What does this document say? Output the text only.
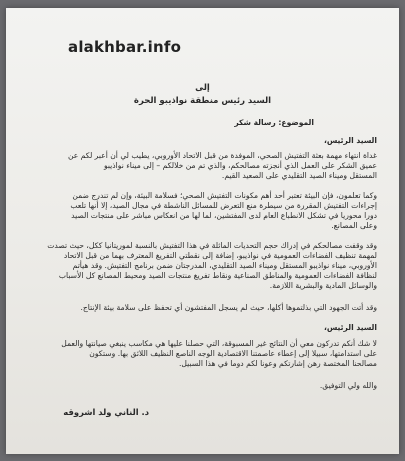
alakhbar.info
إلى
السيد رئيس منطقة نواذيبو الحرة
الموضوع: رسالة شكر
السيد الرئيس،
غداة انتهاء مهمة بعثة التفتيش الصحي، الموفدة من قبل الاتحاد الأوروبي، يطيب لي أن أعبر لكم عن
عميق الشكر على العمل الذي أنجزته مصالحكم، والذي تم من خلالكم – إلى ميناء نواذيبو
المستقل وميناء الصيد التقليدي على الصعيد القيم.
وكما تعلمون، فإن البيئة تعتبر أحد أهم مكونات التفتيش الصحي؛ فسلامة البيئة، وإن لم تندرج ضمن
إجراءات التفتيش المقررة من سيطرة منع التعرض للمسائل الناشطة في مجال الصيد، إلا أنها تلعب
دورا محوريا في تشكل الانطباع العام لدى المفتشين، لما لها من انعكاس مباشر على منتجات الصيد
وعلى المصانع.
وقد وقفت مصالحكم في إدراك حجم التحديات الماثلة في هذا التفتيش بالنسبة لموريتانيا ككل، حيث تصدت
لمهمة تنظيف الفضاءات العمومية في نواذيبو، إضافة إلى نقطتي التفريغ المعترف بهما من قبل الاتحاد
الأوروبي، ميناء نواذيبو المستقل وميناء الصيد التقليدي، المدرجتان ضمن برنامج التفتيش. وقد هيأتم
لنظافة الفضاءات العمومية والمناطق الصناعية ونقاط تفريغ منتجات الصيد ومحيط المصانع كل الأسباب
والوسائل المادية والبشرية اللازمة.
وقد أتت الجهود التي بذلتموها أكلها، حيث لم يسجل المفتشون أي تحفظ على سلامة بيئة الإنتاج.
السيد الرئيس،
لا شك أنكم تدركون معي أن النتائج غير المسبوقة، التي حصلنا عليها هي مكاسب ينبغي صيانتها والعمل
على استدامتها، سبيلا إلى إعطاء عاصمتنا الاقتصادية الوجه الناصع النظيف اللائق بها. وستكون
مصالحنا المختصة رهن إشارتكم وعونا لكم دوما في هذا السبيل.
والله ولي التوفيق.
د. الناني ولد اشروقه
